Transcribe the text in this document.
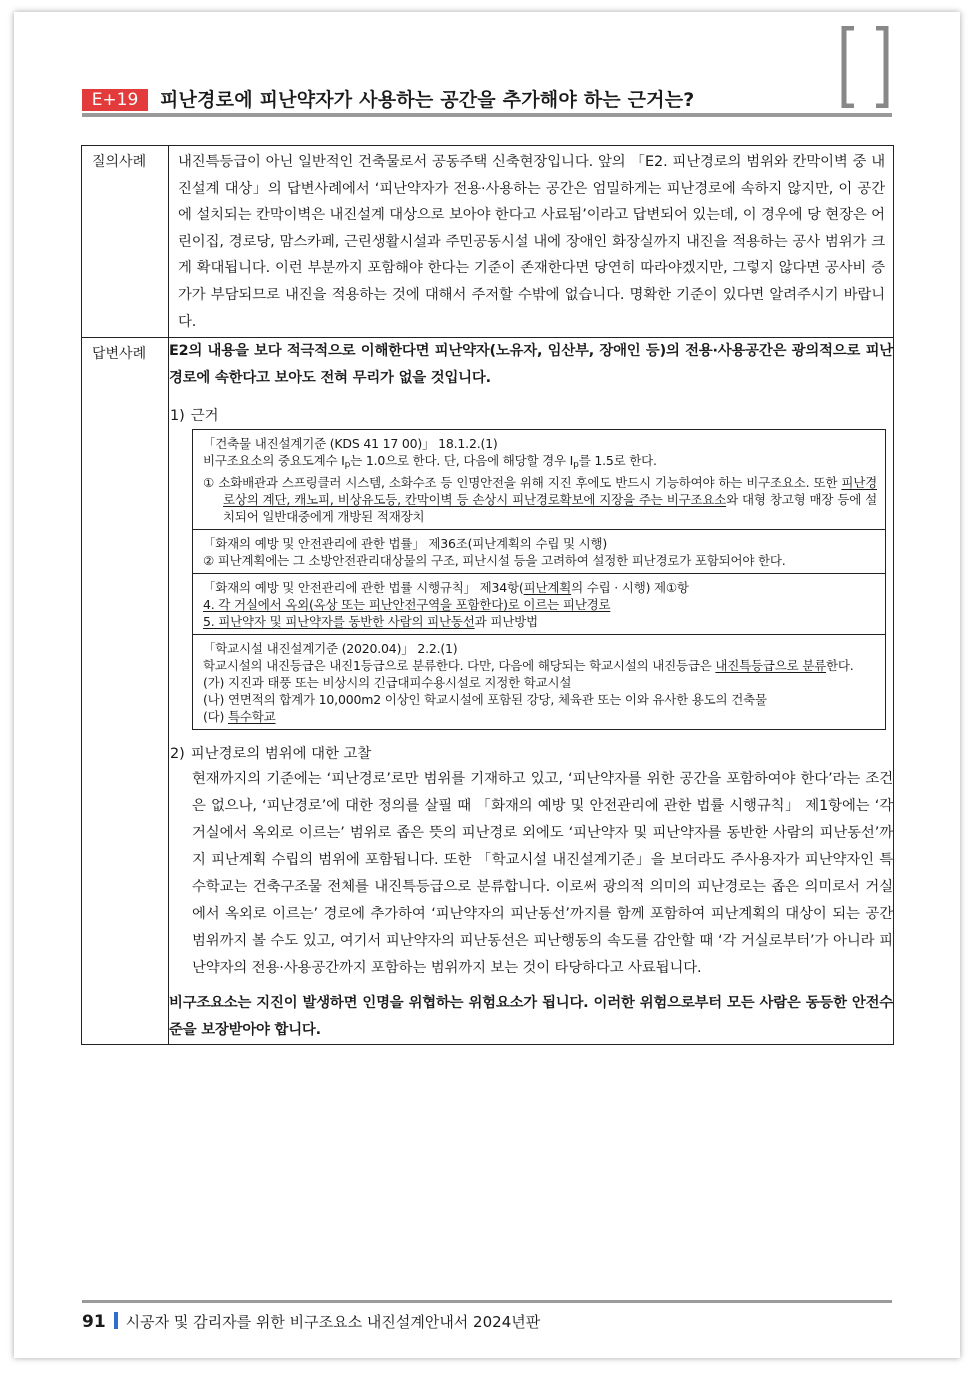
E+19	피난경로에 피난약자가 사용하는 공간을 추가해야 하는 근거는?
질의사례	내진특등급이 아닌 일반적인 건축물로서 공동주택 신축현장입니다. 앞의 「E2. 피난경로의 범위와 칸막이벽 중 내진설계 대상」의 답변사례에서 ‘피난약자가 전용·사용하는 공간은 엄밀하게는 피난경로에 속하지 않지만, 이 공간에 설치되는 칸막이벽은 내진설계 대상으로 보아야 한다고 사료됨’이라고 답변되어 있는데, 이 경우에 당 현장은 어린이집, 경로당, 맘스카페, 근린생활시설과 주민공동시설 내에 장애인 화장실까지 내진을 적용하는 공사 범위가 크게 확대됩니다. 이런 부분까지 포함해야 한다는 기준이 존재한다면 당연히 따라야겠지만, 그렇지 않다면 공사비 증가가 부담되므로 내진을 적용하는 것에 대해서 주저할 수밖에 없습니다. 명확한 기준이 있다면 알려주시기 바랍니다.

답변사례	E2의 내용을 보다 적극적으로 이해한다면 피난약자(노유자, 임산부, 장애인 등)의 전용·사용공간은 광의적으로 피난경로에 속한다고 보아도 전혀 무리가 없을 것입니다.
1) 근거
「건축물 내진설계기준 (KDS 41 17 00)」 18.1.2.(1)
비구조요소의 중요도계수 $I_p$는 1.0으로 한다. 단, 다음에 해당할 경우 $I_p$를 1.5로 한다.
① 소화배관과 스프링클러 시스템, 소화수조 등 인명안전을 위해 지진 후에도 반드시 기능하여야 하는 비구조요소. 또한 피난경로상의 계단, 캐노피, 비상유도등, 칸막이벽 등 손상시 피난경로확보에 지장을 주는 비구조요소와 대형 창고형 매장 등에 설치되어 일반대중에게 개방된 적재장치

「화재의 예방 및 안전관리에 관한 법률」 제36조(피난계획의 수립 및 시행)
② 피난계획에는 그 소방안전관리대상물의 구조, 피난시설 등을 고려하여 설정한 피난경로가 포함되어야 한다.

「화재의 예방 및 안전관리에 관한 법률 시행규칙」 제34항(피난계획의 수립 · 시행) 제①항
4. 각 거실에서 옥외(옥상 또는 피난안전구역을 포함한다)로 이르는 피난경로
5. 피난약자 및 피난약자를 동반한 사람의 피난동선과 피난방법

「학교시설 내진설계기준 (2020.04)」 2.2.(1)
학교시설의 내진등급은 내진1등급으로 분류한다. 다만, 다음에 해당되는 학교시설의 내진등급은 내진특등급으로 분류한다.
(가) 지진과 태풍 또는 비상시의 긴급대피수용시설로 지정한 학교시설
(나) 연면적의 합계가 10,000m2 이상인 학교시설에 포함된 강당, 체육관 또는 이와 유사한 용도의 건축물
(다) 특수학교
2) 피난경로의 범위에 대한 고찰
현재까지의 기준에는 ‘피난경로’로만 범위를 기재하고 있고, ‘피난약자를 위한 공간을 포함하여야 한다’라는 조건은 없으나, ‘피난경로’에 대한 정의를 살필 때 「화재의 예방 및 안전관리에 관한 법률 시행규칙」 제1항에는 ‘각 거실에서 옥외로 이르는’ 범위로 좁은 뜻의 피난경로 외에도 ‘피난약자 및 피난약자를 동반한 사람의 피난동선’까지 피난계획 수립의 범위에 포함됩니다. 또한 「학교시설 내진설계기준」을 보더라도 주사용자가 피난약자인 특수학교는 건축구조물 전체를 내진특등급으로 분류합니다. 이로써 광의적 의미의 피난경로는 좁은 의미로서 거실에서 옥외로 이르는’ 경로에 추가하여 ‘피난약자의 피난동선’까지를 함께 포함하여 피난계획의 대상이 되는 공간 범위까지 볼 수도 있고, 여기서 피난약자의 피난동선은 피난행동의 속도를 감안할 때 ‘각 거실로부터’가 아니라 피난약자의 전용·사용공간까지 포함하는 범위까지 보는 것이 타당하다고 사료됩니다.
비구조요소는 지진이 발생하면 인명을 위협하는 위험요소가 됩니다. 이러한 위험으로부터 모든 사람은 동등한 안전수준을 보장받아야 합니다.
91 시공자 및 감리자를 위한 비구조요소 내진설계안내서 2024년판
